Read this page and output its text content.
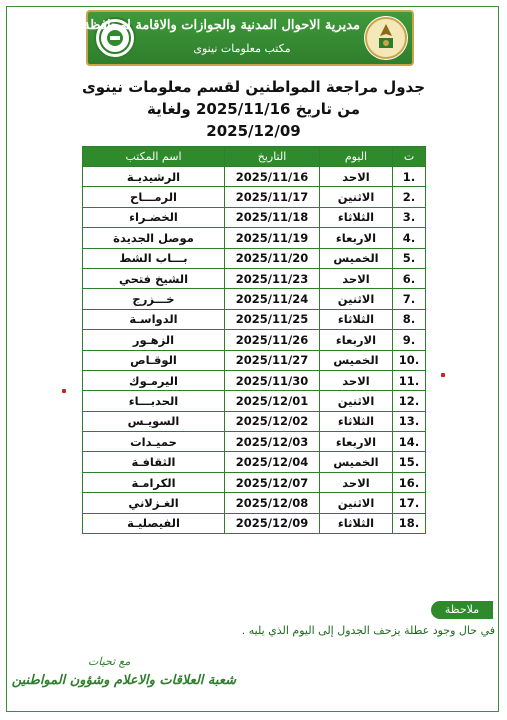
مديرية الاحوال المدنية والجوازات والاقامة لمحافظة نينوى
مكتب معلومات نينوى
جدول مراجعة المواطنين لقسم معلومات نينوى
من تاريخ 2025/11/16 ولغاية
2025/12/09
ت	اليوم	التاريخ	اسم المكتب
.1	الاحد	2025/11/16	الرشيديـة
.2	الاثنين	2025/11/17	الرمـــاح
.3	الثلاثاء	2025/11/18	الخضـراء
.4	الاربعاء	2025/11/19	موصل الجديدة
.5	الخميس	2025/11/20	بـــاب الشط
.6	الاحد	2025/11/23	الشيخ فتحي
.7	الاثنين	2025/11/24	خـــزرج
.8	الثلاثاء	2025/11/25	الدواسـة
.9	الاربعاء	2025/11/26	الزهـور
.10	الخميس	2025/11/27	الوقـاص
.11	الاحد	2025/11/30	اليرمـوك
.12	الاثنين	2025/12/01	الحدبـــاء
.13	الثلاثاء	2025/12/02	السويـس
.14	الاربعاء	2025/12/03	حميـدات
.15	الخميس	2025/12/04	الثقافـة
.16	الاحد	2025/12/07	الكرامـة
.17	الاثنين	2025/12/08	الغـزلاني
.18	الثلاثاء	2025/12/09	الفيصليـة
ملاحظة
في حال وجود عطلة يزحف الجدول إلى اليوم الذي يليه .
مع تحيات
شعبة العلاقات والاعلام وشؤون المواطنين
